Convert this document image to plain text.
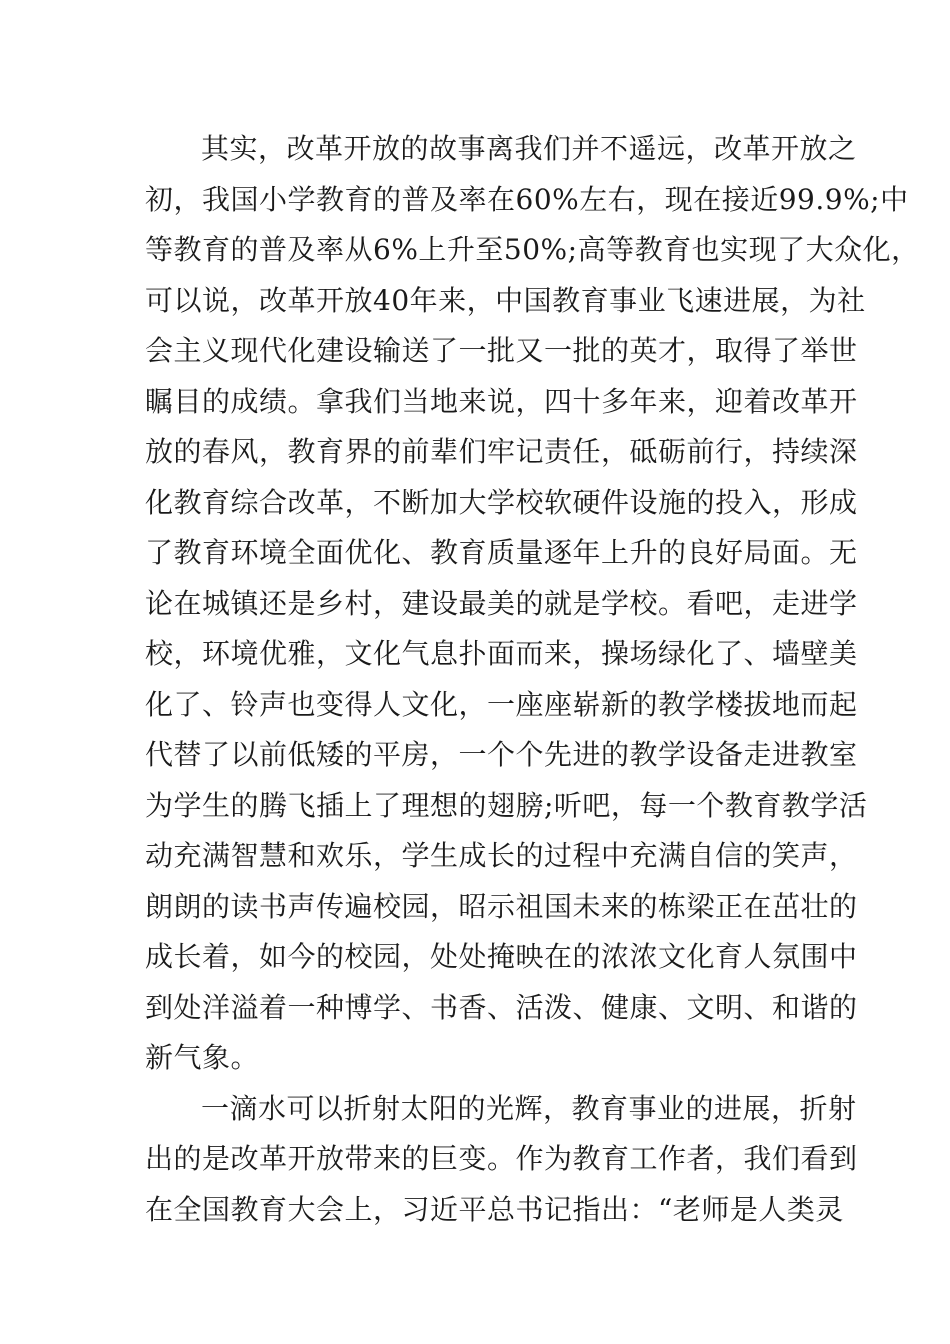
其实，改革开放的故事离我们并不遥远，改革开放之
初，我国小学教育的普及率在60%左右，现在接近99.9%;中
等教育的普及率从6%上升至50%;高等教育也实现了大众化，
可以说，改革开放40年来，中国教育事业飞速进展，为社
会主义现代化建设输送了一批又一批的英才，取得了举世
瞩目的成绩。拿我们当地来说，四十多年来，迎着改革开
放的春风，教育界的前辈们牢记责任，砥砺前行，持续深
化教育综合改革，不断加大学校软硬件设施的投入，形成
了教育环境全面优化、教育质量逐年上升的良好局面。无
论在城镇还是乡村，建设最美的就是学校。看吧，走进学
校，环境优雅，文化气息扑面而来，操场绿化了、墙壁美
化了、铃声也变得人文化，一座座崭新的教学楼拔地而起
代替了以前低矮的平房，一个个先进的教学设备走进教室
为学生的腾飞插上了理想的翅膀;听吧，每一个教育教学活
动充满智慧和欢乐，学生成长的过程中充满自信的笑声，
朗朗的读书声传遍校园，昭示祖国未来的栋梁正在茁壮的
成长着，如今的校园，处处掩映在的浓浓文化育人氛围中
到处洋溢着一种博学、书香、活泼、健康、文明、和谐的
新气象。
一滴水可以折射太阳的光辉，教育事业的进展，折射
出的是改革开放带来的巨变。作为教育工作者，我们看到
在全国教育大会上，习近平总书记指出：“老师是人类灵
